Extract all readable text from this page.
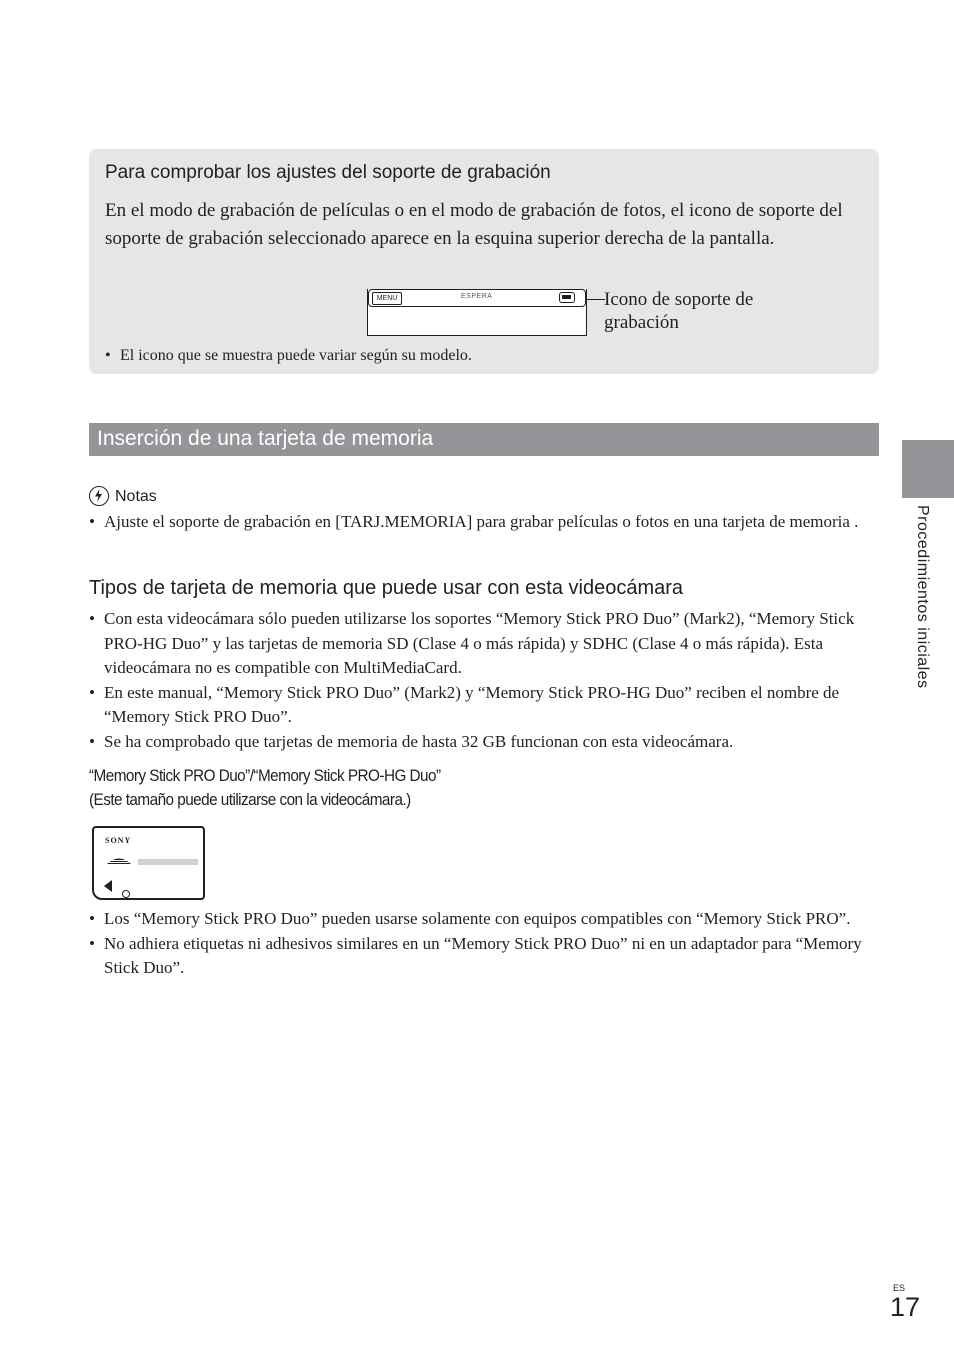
Para comprobar los ajustes del soporte de grabación
En el modo de grabación de películas o en el modo de grabación de fotos, el icono de soporte del soporte de grabación seleccionado aparece en la esquina superior derecha de la pantalla.
MENU	ESPERA	Icono de soporte de grabación
• El icono que se muestra puede variar según su modelo.
Inserción de una tarjeta de memoria
Procedimientos iniciales
Notas
• Ajuste el soporte de grabación en [TARJ.MEMORIA] para grabar películas o fotos en una tarjeta de memoria .
Tipos de tarjeta de memoria que puede usar con esta videocámara
• Con esta videocámara sólo pueden utilizarse los soportes “Memory Stick PRO Duo” (Mark2), “Memory Stick PRO-HG Duo” y las tarjetas de memoria SD (Clase 4 o más rápida) y SDHC (Clase 4 o más rápida). Esta videocámara no es compatible con MultiMediaCard.
• En este manual, “Memory Stick PRO Duo” (Mark2) y “Memory Stick PRO-HG Duo” reciben el nombre de “Memory Stick PRO Duo”.
• Se ha comprobado que tarjetas de memoria de hasta 32 GB funcionan con esta videocámara.
“Memory Stick PRO Duo”/“Memory Stick PRO-HG Duo”
(Este tamaño puede utilizarse con la videocámara.)
SONY
• Los “Memory Stick PRO Duo” pueden usarse solamente con equipos compatibles con “Memory Stick PRO”.
• No adhiera etiquetas ni adhesivos similares en un “Memory Stick PRO Duo” ni en un adaptador para “Memory Stick Duo”.
ES
17
